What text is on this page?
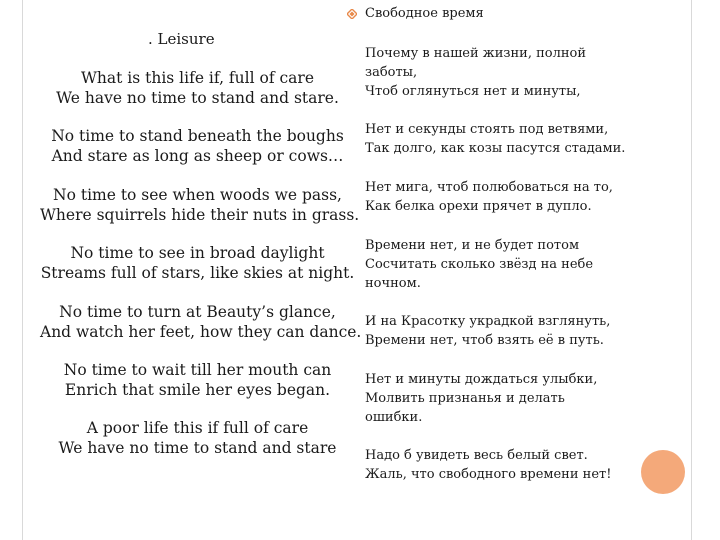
Свободное время
. Leisure
What is this life if, full of care
We have no time to stand and stare.
No time to stand beneath the boughs
And stare as long as sheep or cows…
No time to see when woods we pass,
Where squirrels hide their nuts in grass.
No time to see in broad daylight
Streams full of stars, like skies at night.
No time to turn at Beauty’s glance,
And watch her feet, how they can dance.
No time to wait till her mouth can
Enrich that smile her eyes began.
A poor life this if full of care
We have no time to stand and stare
Почему в нашей жизни, полной
заботы,
Чтоб оглянуться нет и минуты,
Нет и секунды стоять под ветвями,
Так долго, как козы пасутся стадами.
Нет мига, чтоб полюбоваться на то,
Как белка орехи прячет в дупло.
Времени нет, и не будет потом
Сосчитать сколько звёзд на небе
ночном.
И на Красотку украдкой взглянуть,
Времени нет, чтоб взять её в путь.
Нет и минуты дождаться улыбки,
Молвить признанья и делать
ошибки.
Надо б увидеть весь белый свет.
Жаль, что свободного времени нет!
